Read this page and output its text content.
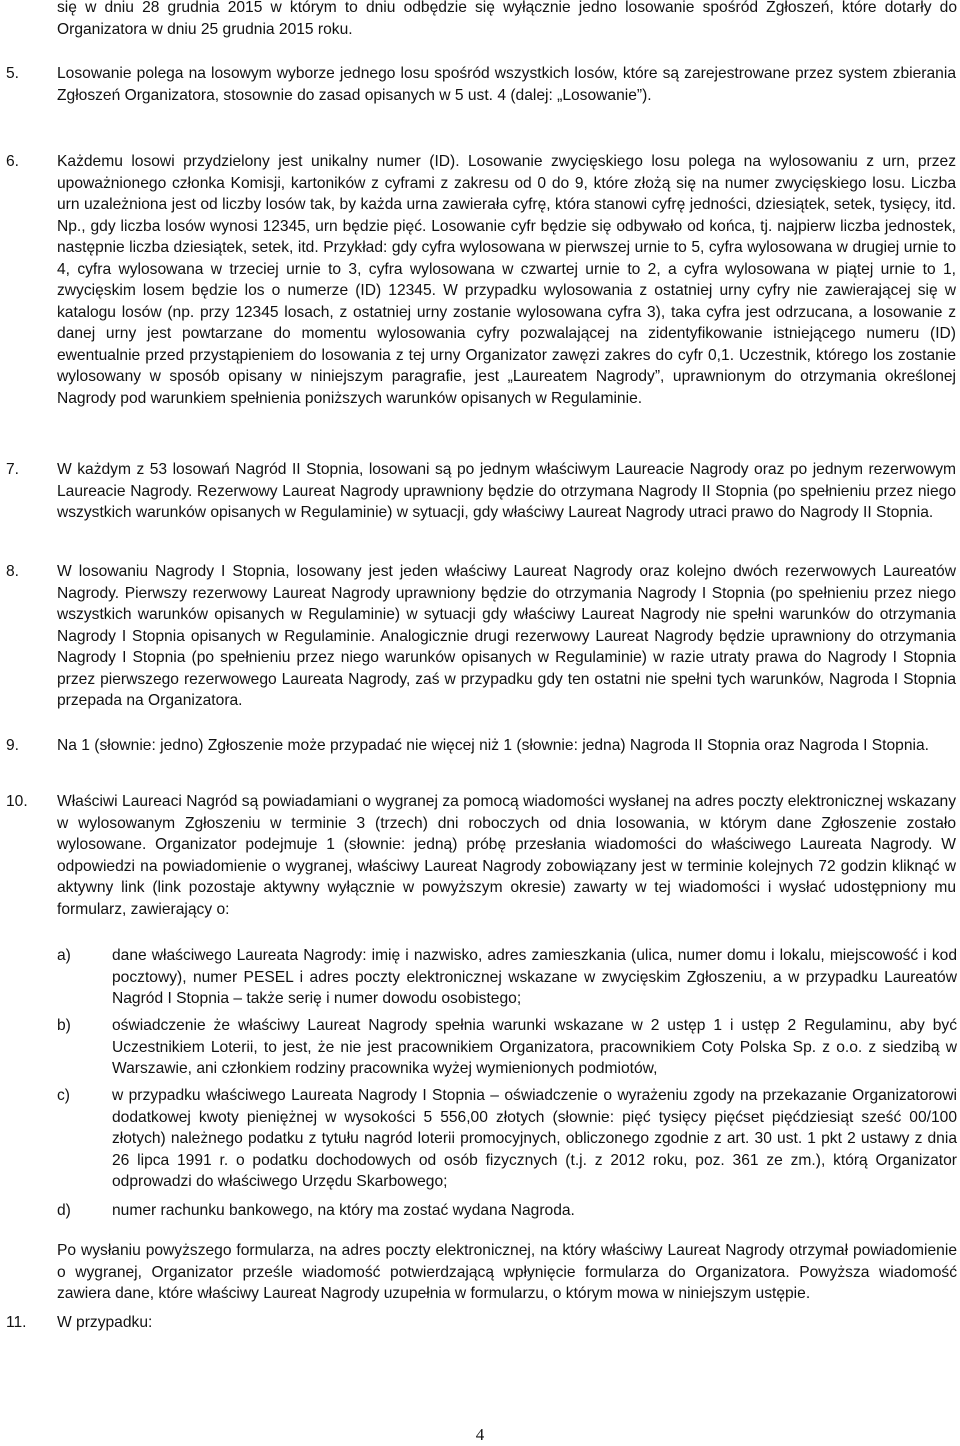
się w dniu 28 grudnia 2015 w którym to dniu odbędzie się wyłącznie jedno losowanie spośród Zgłoszeń, które dotarły do Organizatora w dniu 25 grudnia 2015 roku.
5. Losowanie polega na losowym wyborze jednego losu spośród wszystkich losów, które są zarejestrowane przez system zbierania Zgłoszeń Organizatora, stosownie do zasad opisanych w 5 ust. 4 (dalej: „Losowanie”).
6. Każdemu losowi przydzielony jest unikalny numer (ID). Losowanie zwycięskiego losu polega na wylosowaniu z urn, przez upoważnionego członka Komisji, kartoników z cyframi z zakresu od 0 do 9, które złożą się na numer zwycięskiego losu. Liczba urn uzależniona jest od liczby losów tak, by każda urna zawierała cyfrę, która stanowi cyfrę jedności, dziesiątek, setek, tysięcy, itd. Np., gdy liczba losów wynosi 12345, urn będzie pięć. Losowanie cyfr będzie się odbywało od końca, tj. najpierw liczba jednostek, następnie liczba dziesiątek, setek, itd. Przykład: gdy cyfra wylosowana w pierwszej urnie to 5, cyfra wylosowana w drugiej urnie to 4, cyfra wylosowana w trzeciej urnie to 3, cyfra wylosowana w czwartej urnie to 2, a cyfra wylosowana w piątej urnie to 1, zwycięskim losem będzie los o numerze (ID) 12345. W przypadku wylosowania z ostatniej urny cyfry nie zawierającej się w katalogu losów (np. przy 12345 losach, z ostatniej urny zostanie wylosowana cyfra 3), taka cyfra jest odrzucana, a losowanie z danej urny jest powtarzane do momentu wylosowania cyfry pozwalającej na zidentyfikowanie istniejącego numeru (ID) ewentualnie przed przystąpieniem do losowania z tej urny Organizator zawęzi zakres do cyfr 0,1. Uczestnik, którego los zostanie wylosowany w sposób opisany w niniejszym paragrafie, jest „Laureatem Nagrody”, uprawnionym do otrzymania określonej Nagrody pod warunkiem spełnienia poniższych warunków opisanych w Regulaminie.
7. W każdym z 53 losowań Nagród II Stopnia, losowani są po jednym właściwym Laureacie Nagrody oraz po jednym rezerwowym Laureacie Nagrody. Rezerwowy Laureat Nagrody uprawniony będzie do otrzymana Nagrody II Stopnia (po spełnieniu przez niego wszystkich warunków opisanych w Regulaminie) w sytuacji, gdy właściwy Laureat Nagrody utraci prawo do Nagrody II Stopnia.
8. W losowaniu Nagrody I Stopnia, losowany jest jeden właściwy Laureat Nagrody oraz kolejno dwóch rezerwowych Laureatów Nagrody. Pierwszy rezerwowy Laureat Nagrody uprawniony będzie do otrzymania Nagrody I Stopnia (po spełnieniu przez niego wszystkich warunków opisanych w Regulaminie) w sytuacji gdy właściwy Laureat Nagrody nie spełni warunków do otrzymania Nagrody I Stopnia opisanych w Regulaminie. Analogicznie drugi rezerwowy Laureat Nagrody będzie uprawniony do otrzymania Nagrody I Stopnia (po spełnieniu przez niego warunków opisanych w Regulaminie) w razie utraty prawa do Nagrody I Stopnia przez pierwszego rezerwowego Laureata Nagrody, zaś w przypadku gdy ten ostatni nie spełni tych warunków, Nagroda I Stopnia przepada na Organizatora.
9. Na 1 (słownie: jedno) Zgłoszenie może przypadać nie więcej niż 1 (słownie: jedna) Nagroda II Stopnia oraz Nagroda I Stopnia.
10. Właściwi Laureaci Nagród są powiadamiani o wygranej za pomocą wiadomości wysłanej na adres poczty elektronicznej wskazany w wylosowanym Zgłoszeniu w terminie 3 (trzech) dni roboczych od dnia losowania, w którym dane Zgłoszenie zostało wylosowane. Organizator podejmuje 1 (słownie: jedną) próbę przesłania wiadomości do właściwego Laureata Nagrody. W odpowiedzi na powiadomienie o wygranej, właściwy Laureat Nagrody zobowiązany jest w terminie kolejnych 72 godzin kliknąć w aktywny link (link pozostaje aktywny wyłącznie w powyższym okresie) zawarty w tej wiadomości i wysłać udostępniony mu formularz, zawierający o:
a)	dane właściwego Laureata Nagrody: imię i nazwisko, adres zamieszkania (ulica, numer domu i lokalu, miejscowość i kod pocztowy), numer PESEL i adres poczty elektronicznej wskazane w zwycięskim Zgłoszeniu, a w przypadku Laureatów Nagród I Stopnia – także serię i numer dowodu osobistego;
b)	oświadczenie że właściwy Laureat Nagrody spełnia warunki wskazane w 2 ustęp 1 i ustęp 2 Regulaminu, aby być Uczestnikiem Loterii, to jest, że nie jest pracownikiem Organizatora, pracownikiem Coty Polska Sp. z o.o. z siedzibą w Warszawie, ani członkiem rodziny pracownika wyżej wymienionych podmiotów,
c)	w przypadku właściwego Laureata Nagrody I Stopnia – oświadczenie o wyrażeniu zgody na przekazanie Organizatorowi dodatkowej kwoty pieniężnej w wysokości 5 556,00 złotych (słownie: pięć tysięcy pięćset pięćdziesiąt sześć 00/100 złotych) należnego podatku z tytułu nagród loterii promocyjnych, obliczonego zgodnie z art. 30 ust. 1 pkt 2 ustawy z dnia 26 lipca 1991 r. o podatku dochodowych od osób fizycznych (t.j. z 2012 roku, poz. 361 ze zm.), którą Organizator odprowadzi do właściwego Urzędu Skarbowego;
d)	numer rachunku bankowego, na który ma zostać wydana Nagroda.
Po wysłaniu powyższego formularza, na adres poczty elektronicznej, na który właściwy Laureat Nagrody otrzymał powiadomienie o wygranej, Organizator prześle wiadomość potwierdzającą wpłynięcie formularza do Organizatora. Powyższa wiadomość zawiera dane, które właściwy Laureat Nagrody uzupełnia w formularzu, o którym mowa w niniejszym ustępie.
11. W przypadku:
4
